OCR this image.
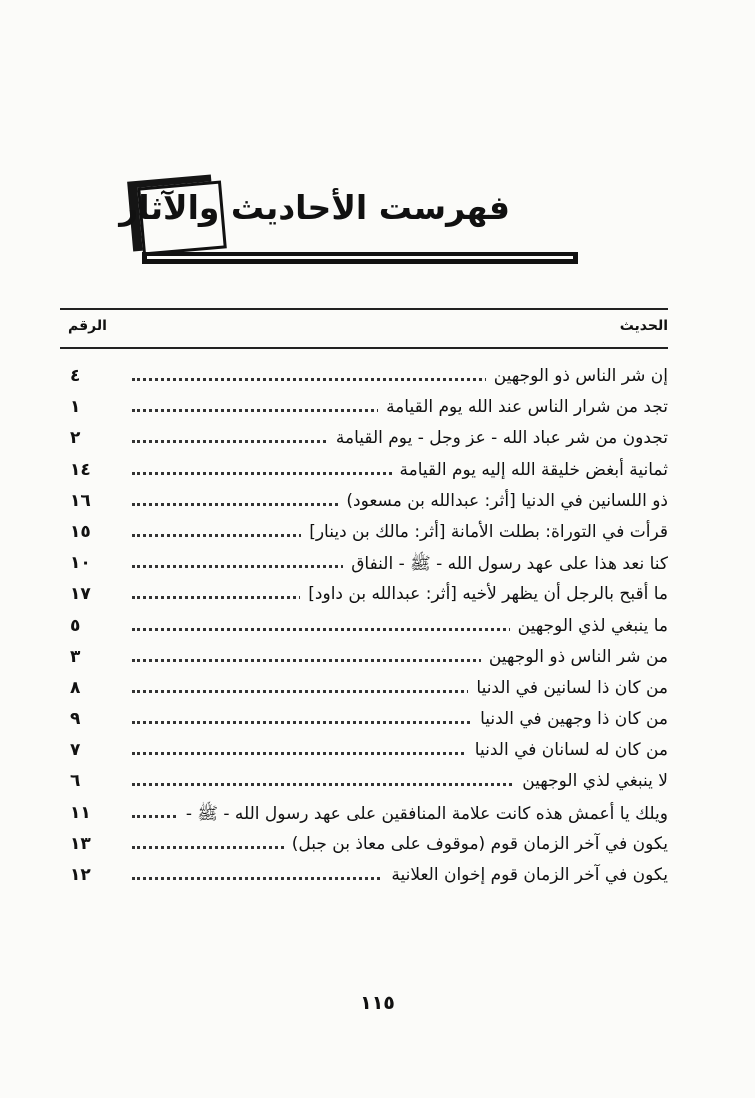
فهرست الأحاديث والآثار
الحديث
الرقم
إن شر الناس ذو الوجهين
٤
تجد من شرار الناس عند الله يوم القيامة
١
تجدون من شر عباد الله - عز وجل - يوم القيامة
٢
ثمانية أبغض خليقة الله إليه يوم القيامة
١٤
ذو اللسانين في الدنيا [أثر: عبدالله بن مسعود)
١٦
قرأت في التوراة: بطلت الأمانة [أثر: مالك بن دينار]
١٥
كنا نعد هذا على عهد رسول الله - ﷺ - النفاق
١٠
ما أقبح بالرجل أن يظهر لأخيه [أثر: عبدالله بن داود]
١٧
ما ينبغي لذي الوجهين
٥
من شر الناس ذو الوجهين
٣
من كان ذا لسانين في الدنيا
٨
من كان ذا وجهين في الدنيا
٩
من كان له لسانان في الدنيا
٧
لا ينبغي لذي الوجهين
٦
ويلك يا أعمش هذه كانت علامة المنافقين على عهد رسول الله - ﷺ -
١١
يكون في آخر الزمان قوم (موقوف على معاذ بن جبل)
١٣
يكون في آخر الزمان قوم إخوان العلانية
١٢
١١٥
